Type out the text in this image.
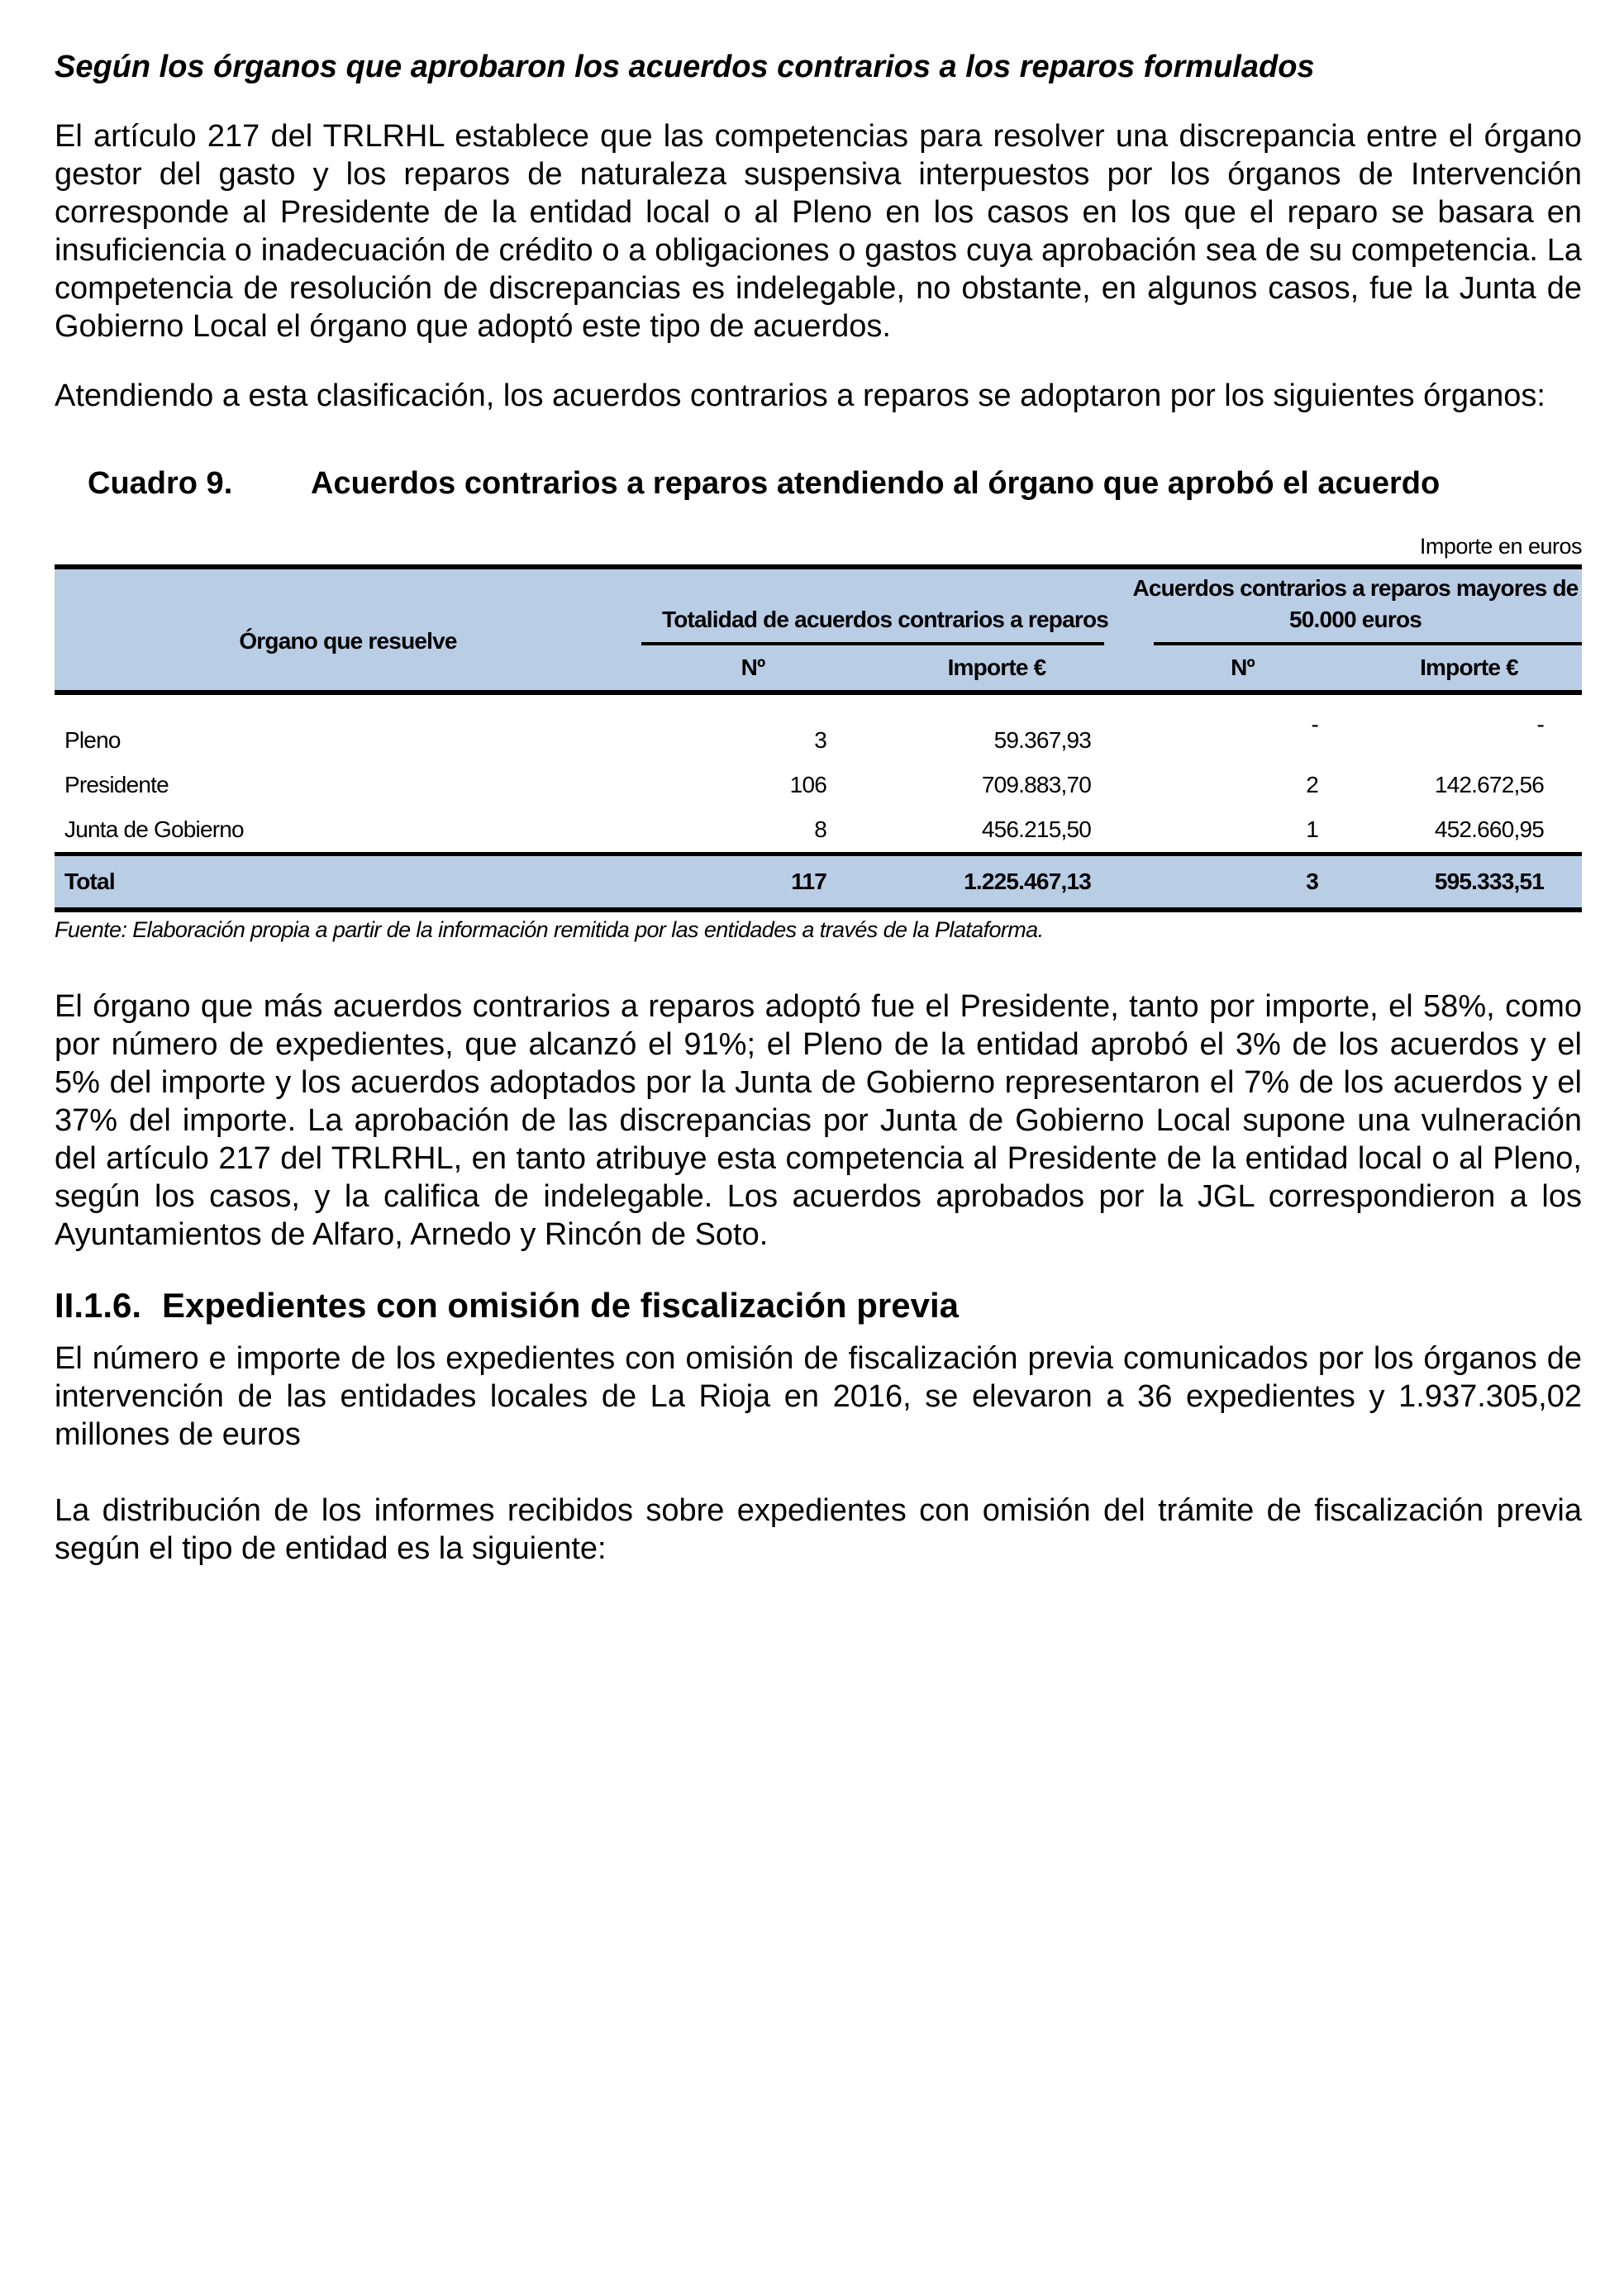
Según los órganos que aprobaron los acuerdos contrarios a los reparos formulados

El artículo 217 del TRLRHL establece que las competencias para resolver una discrepancia entre el órgano gestor del gasto y los reparos de naturaleza suspensiva interpuestos por los órganos de Intervención corresponde al Presidente de la entidad local o al Pleno en los casos en los que el reparo se basara en insuficiencia o inadecuación de crédito o a obligaciones o gastos cuya aprobación sea de su competencia. La competencia de resolución de discrepancias es indelegable, no obstante, en algunos casos, fue la Junta de Gobierno Local el órgano que adoptó este tipo de acuerdos.

Atendiendo a esta clasificación, los acuerdos contrarios a reparos se adoptaron por los siguientes órganos:

Cuadro 9.	Acuerdos contrarios a reparos atendiendo al órgano que aprobó el acuerdo
Importe en euros
Órgano que resuelve	Totalidad de acuerdos contrarios a reparos		Acuerdos contrarios a reparos mayores de 50.000 euros	

	Nº	Importe €	Nº	Importe €
Pleno	3	59.367,93	-	-
Presidente	106	709.883,70	2	142.672,56
Junta de Gobierno	8	456.215,50	1	452.660,95
Total	117	1.225.467,13	3	595.333,51
Fuente: Elaboración propia a partir de la información remitida por las entidades a través de la Plataforma.

El órgano que más acuerdos contrarios a reparos adoptó fue el Presidente, tanto por importe, el 58%, como por número de expedientes, que alcanzó el 91%; el Pleno de la entidad aprobó el 3% de los acuerdos y el 5% del importe y los acuerdos adoptados por la Junta de Gobierno representaron el 7% de los acuerdos y el 37% del importe. La aprobación de las discrepancias por Junta de Gobierno Local supone una vulneración del artículo 217 del TRLRHL, en tanto atribuye esta competencia al Presidente de la entidad local o al Pleno, según los casos, y la califica de indelegable. Los acuerdos aprobados por la JGL correspondieron a los Ayuntamientos de Alfaro, Arnedo y Rincón de Soto.

II.1.6. Expedientes con omisión de fiscalización previa

El número e importe de los expedientes con omisión de fiscalización previa comunicados por los órganos de intervención de las entidades locales de La Rioja en 2016, se elevaron a 36 expedientes y 1.937.305,02 millones de euros

La distribución de los informes recibidos sobre expedientes con omisión del trámite de fiscalización previa según el tipo de entidad es la siguiente:
